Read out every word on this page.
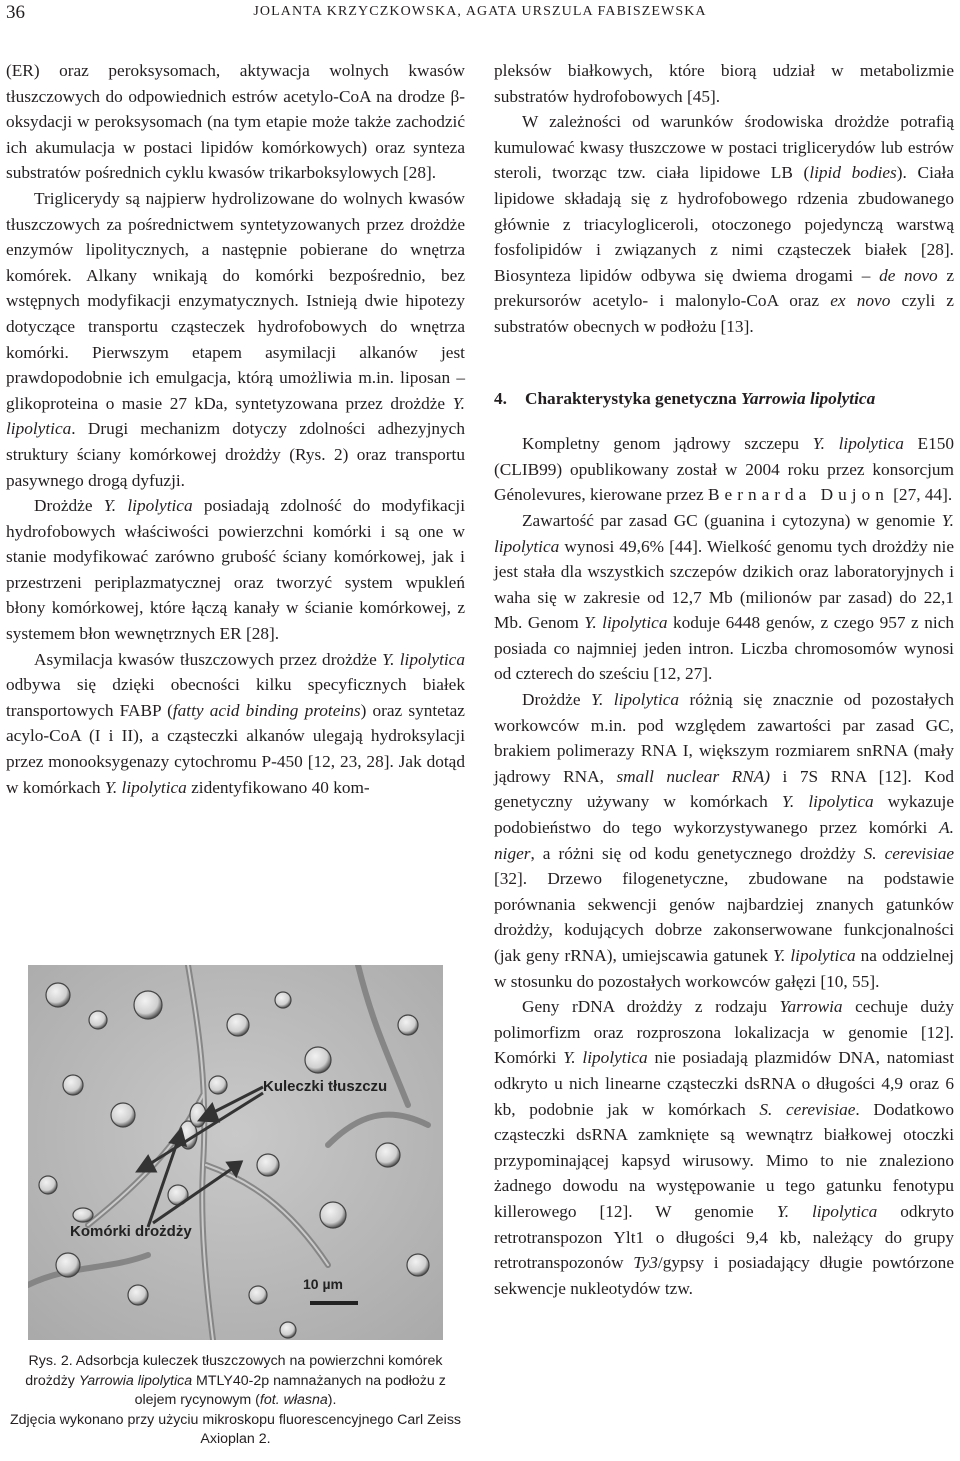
36	JOLANTA KRZYCZKOWSKA, AGATA URSZULA FABISZEWSKA

(ER) oraz peroksysomach, aktywacja wolnych kwasów tłuszczowych do odpowiednich estrów acetylo-CoA na drodze β-oksydacji w peroksysomach (na tym etapie może także zachodzić ich akumulacja w postaci lipidów komórkowych) oraz synteza substratów pośrednich cyklu kwasów trikarboksylowych [28].

Triglicerydy są najpierw hydrolizowane do wolnych kwasów tłuszczowych za pośrednictwem syntetyzowanych przez drożdże enzymów lipolitycznych, a następnie pobierane do wnętrza komórek. Alkany wnikają do komórki bezpośrednio, bez wstępnych modyfikacji enzymatycznych. Istnieją dwie hipotezy dotyczące transportu cząsteczek hydrofobowych do wnętrza komórki. Pierwszym etapem asymilacji alkanów jest prawdopodobnie ich emulgacja, którą umożliwia m.in. liposan – glikoproteina o masie 27 kDa, syntetyzowana przez drożdże Y. lipolytica. Drugi mechanizm dotyczy zdolności adhezyjnych struktury ściany komórkowej drożdży (Rys. 2) oraz transportu pasywnego drogą dyfuzji.

Drożdże Y. lipolytica posiadają zdolność do modyfikacji hydrofobowych właściwości powierzchni komórki i są one w stanie modyfikować zarówno grubość ściany komórkowej, jak i przestrzeni periplazmatycznej oraz tworzyć system wpukleń błony komórkowej, które łączą kanały w ścianie komórkowej, z systemem błon wewnętrznych ER [28].

Asymilacja kwasów tłuszczowych przez drożdże Y. lipolytica odbywa się dzięki obecności kilku specyficznych białek transportowych FABP (fatty acid binding proteins) oraz syntetaz acylo-CoA (I i II), a cząsteczki alkanów ulegają hydroksylacji przez monooksygenazy cytochromu P-450 [12, 23, 28]. Jak dotąd w komórkach Y. lipolytica zidentyfikowano 40 kom-

Kuleczki tłuszczu
Komórki drożdży
10 µm

Rys. 2. Adsorbcja kuleczek tłuszczowych na powierzchni komórek drożdży Yarrowia lipolytica MTLY40-2p namnażanych na podłożu z olejem rycynowym (fot. własna).

Zdjęcia wykonano przy użyciu mikroskopu fluorescencyjnego Carl Zeiss Axioplan 2.

pleksów białkowych, które biorą udział w metabolizmie substratów hydrofobowych [45].

W zależności od warunków środowiska drożdże potrafią kumulować kwasy tłuszczowe w postaci triglicerydów lub estrów steroli, tworząc tzw. ciała lipidowe LB (lipid bodies). Ciała lipidowe składają się z hydrofobowego rdzenia zbudowanego głównie z triacylogliceroli, otoczonego pojedynczą warstwą fosfolipidów i związanych z nimi cząsteczek białek [28]. Biosynteza lipidów odbywa się dwiema drogami – de novo z prekursorów acetylo- i malonylo-CoA oraz ex novo czyli z substratów obecnych w podłożu [13].

4. Charakterystyka genetyczna Yarrowia lipolytica

Kompletny genom jądrowy szczepu Y. lipolytica E150 (CLIB99) opublikowany został w 2004 roku przez konsorcjum Génolevures, kierowane przez Bernarda Dujon [27, 44].

Zawartość par zasad GC (guanina i cytozyna) w genomie Y. lipolytica wynosi 49,6% [44]. Wielkość genomu tych drożdży nie jest stała dla wszystkich szczepów dzikich oraz laboratoryjnych i waha się w zakresie od 12,7 Mb (milionów par zasad) do 22,1 Mb. Genom Y. lipolytica koduje 6448 genów, z czego 957 z nich posiada co najmniej jeden intron. Liczba chromosomów wynosi od czterech do sześciu [12, 27].

Drożdże Y. lipolytica różnią się znacznie od pozostałych workowców m.in. pod względem zawartości par zasad GC, brakiem polimerazy RNA I, większym rozmiarem snRNA (mały jądrowy RNA, small nuclear RNA) i 7S RNA [12]. Kod genetyczny używany w komórkach Y. lipolytica wykazuje podobieństwo do tego wykorzystywanego przez komórki A. niger, a różni się od kodu genetycznego drożdży S. cerevisiae [32]. Drzewo filogenetyczne, zbudowane na podstawie porównania sekwencji genów najbardziej znanych gatunków drożdży, kodujących dobrze zakonserwowane funkcjonalności (jak geny rRNA), umiejscawia gatunek Y. lipolytica na oddzielnej w stosunku do pozostałych workowców gałęzi [10, 55].

Geny rDNA drożdży z rodzaju Yarrowia cechuje duży polimorfizm oraz rozproszona lokalizacja w genomie [12]. Komórki Y. lipolytica nie posiadają plazmidów DNA, natomiast odkryto u nich linearne cząsteczki dsRNA o długości 4,9 oraz 6 kb, podobnie jak w komórkach S. cerevisiae. Dodatkowo cząsteczki dsRNA zamknięte są wewnątrz białkowej otoczki przypominającej kapsyd wirusowy. Mimo to nie znaleziono żadnego dowodu na występowanie u tego gatunku fenotypu killerowego [12]. W genomie Y. lipolytica odkryto retrotranspozon Ylt1 o długości 9,4 kb, należący do grupy retrotranspozonów Ty3/gypsy i posiadający długie powtórzone sekwencje nukleotydów tzw.
